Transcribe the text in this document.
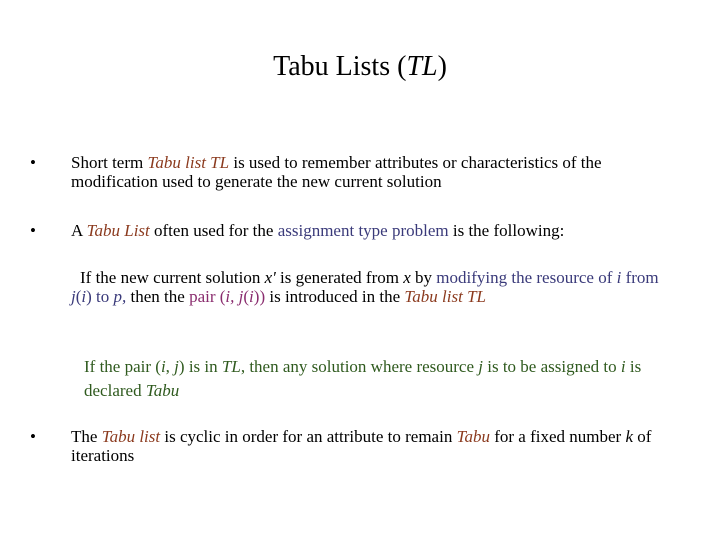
Tabu Lists (TL)
• Short term Tabu list TL is used to remember attributes or characteristics of the modification used to generate the new current solution
• A Tabu List often used for the assignment type problem is the following:
If the new current solution x' is generated from x by modifying the resource of i from j(i) to p, then the pair (i, j(i)) is introduced in the Tabu list TL
If the pair (i, j) is in TL, then any solution where resource j is to be assigned to i is declared Tabu
• The Tabu list is cyclic in order for an attribute to remain Tabu for a fixed number k of iterations
